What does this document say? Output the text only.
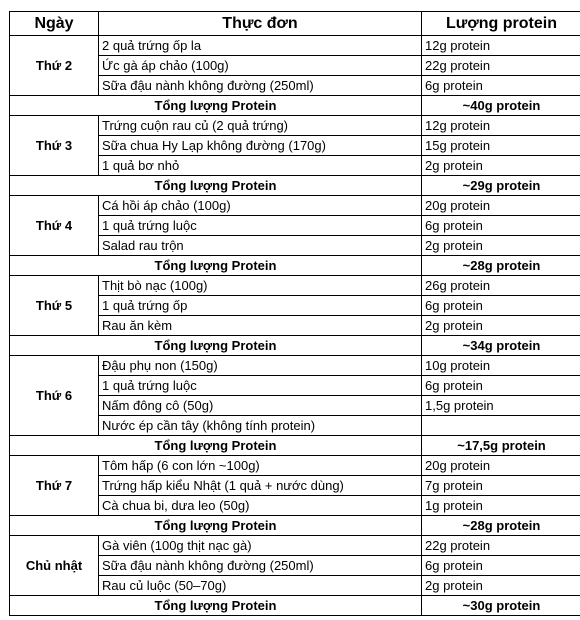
Ngày	Thực đơn	Lượng protein
Thứ 2	2 quả trứng ốp la	12g protein
	Ức gà áp chảo (100g)	22g protein
	Sữa đậu nành không đường (250ml)	6g protein
Tổng lượng Protein		~40g protein
Thứ 3	Trứng cuộn rau củ (2 quả trứng)	12g protein
	Sữa chua Hy Lạp không đường (170g)	15g protein
	1 quả bơ nhỏ	2g protein
Tổng lượng Protein		~29g protein
Thứ 4	Cá hồi áp chảo (100g)	20g protein
	1 quả trứng luộc	6g protein
	Salad rau trộn	2g protein
Tổng lượng Protein		~28g protein
Thứ 5	Thịt bò nạc (100g)	26g protein
	1 quả trứng ốp	6g protein
	Rau ăn kèm	2g protein
Tổng lượng Protein		~34g protein
Thứ 6	Đậu phụ non (150g)	10g protein
	1 quả trứng luộc	6g protein
	Nấm đông cô (50g)	1,5g protein
	Nước ép cần tây (không tính protein)	
Tổng lượng Protein		~17,5g protein
Thứ 7	Tôm hấp (6 con lớn ~100g)	20g protein
	Trứng hấp kiểu Nhật (1 quả + nước dùng)	7g protein
	Cà chua bi, dưa leo (50g)	1g protein
Tổng lượng Protein		~28g protein
Chủ nhật	Gà viên (100g thịt nạc gà)	22g protein
	Sữa đậu nành không đường (250ml)	6g protein
	Rau củ luộc (50–70g)	2g protein
Tổng lượng Protein		~30g protein
